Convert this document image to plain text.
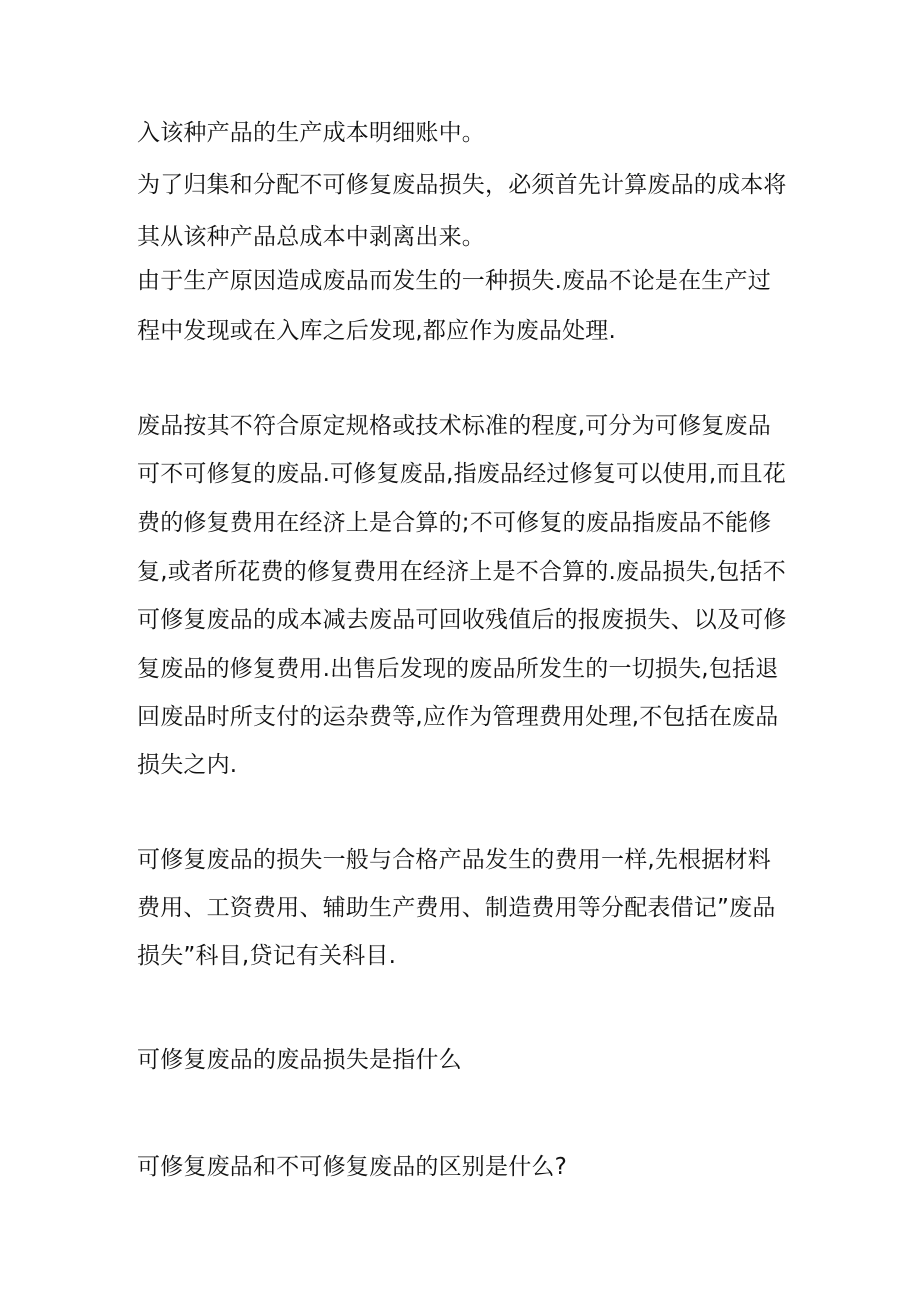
入该种产品的生产成本明细账中。
为了归集和分配不可修复废品损失，必须首先计算废品的成本将
其从该种产品总成本中剥离出来。
由于生产原因造成废品而发生的一种损失.废品不论是在生产过
程中发现或在入库之后发现,都应作为废品处理.
废品按其不符合原定规格或技术标准的程度,可分为可修复废品
可不可修复的废品.可修复废品,指废品经过修复可以使用,而且花
费的修复费用在经济上是合算的;不可修复的废品指废品不能修
复,或者所花费的修复费用在经济上是不合算的.废品损失,包括不
可修复废品的成本减去废品可回收残值后的报废损失、以及可修
复废品的修复费用.出售后发现的废品所发生的一切损失,包括退
回废品时所支付的运杂费等,应作为管理费用处理,不包括在废品
损失之内.
可修复废品的损失一般与合格产品发生的费用一样,先根据材料
费用、工资费用、辅助生产费用、制造费用等分配表借记”废品
损失”科目,贷记有关科目.
可修复废品的废品损失是指什么
可修复废品和不可修复废品的区别是什么?
